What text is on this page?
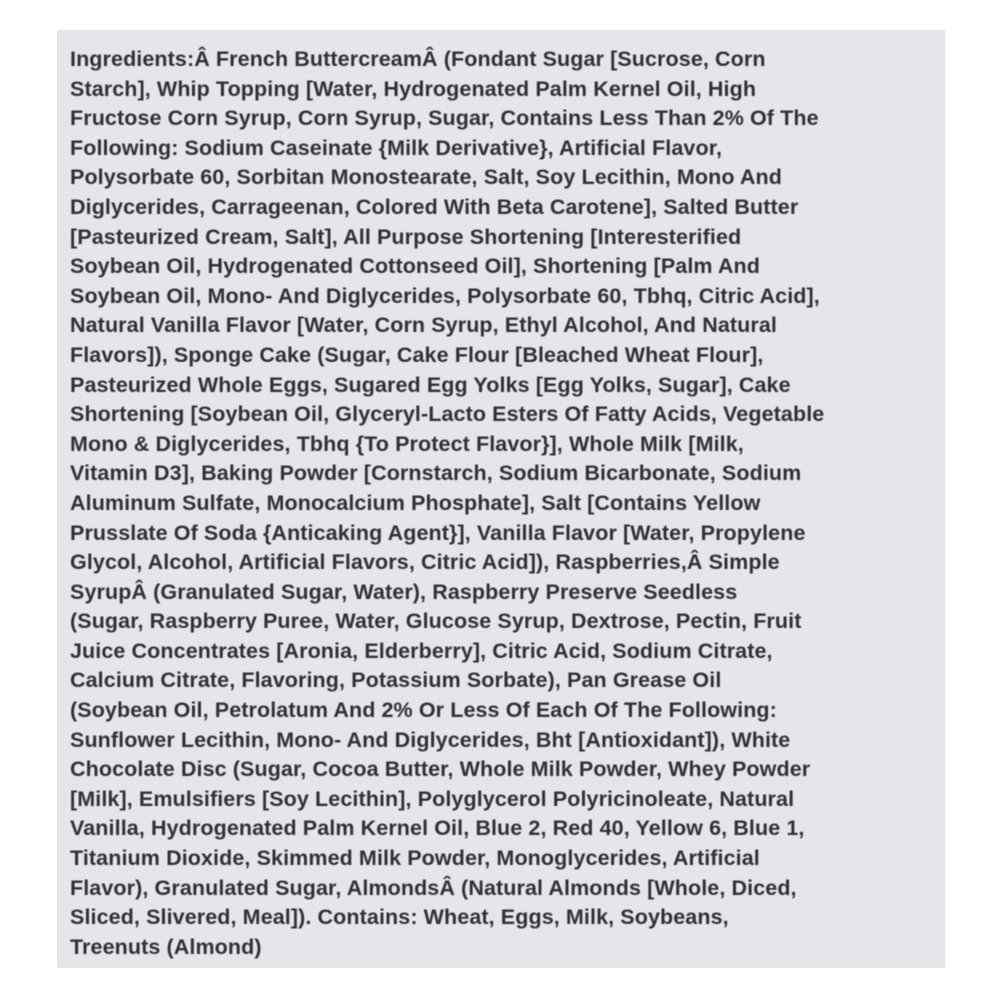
Ingredients:Â French ButtercreamÂ (Fondant Sugar [Sucrose, Corn
Starch], Whip Topping [Water, Hydrogenated Palm Kernel Oil, High
Fructose Corn Syrup, Corn Syrup, Sugar, Contains Less Than 2% Of The
Following: Sodium Caseinate {Milk Derivative}, Artificial Flavor,
Polysorbate 60, Sorbitan Monostearate, Salt, Soy Lecithin, Mono And
Diglycerides, Carrageenan, Colored With Beta Carotene], Salted Butter
[Pasteurized Cream, Salt], All Purpose Shortening [Interesterified
Soybean Oil, Hydrogenated Cottonseed Oil], Shortening [Palm And
Soybean Oil, Mono- And Diglycerides, Polysorbate 60, Tbhq, Citric Acid],
Natural Vanilla Flavor [Water, Corn Syrup, Ethyl Alcohol, And Natural
Flavors]), Sponge Cake (Sugar, Cake Flour [Bleached Wheat Flour],
Pasteurized Whole Eggs, Sugared Egg Yolks [Egg Yolks, Sugar], Cake
Shortening [Soybean Oil, Glyceryl-Lacto Esters Of Fatty Acids, Vegetable
Mono & Diglycerides, Tbhq {To Protect Flavor}], Whole Milk [Milk,
Vitamin D3], Baking Powder [Cornstarch, Sodium Bicarbonate, Sodium
Aluminum Sulfate, Monocalcium Phosphate], Salt [Contains Yellow
Prusslate Of Soda {Anticaking Agent}], Vanilla Flavor [Water, Propylene
Glycol, Alcohol, Artificial Flavors, Citric Acid]), Raspberries,Â Simple
SyrupÂ (Granulated Sugar, Water), Raspberry Preserve Seedless
(Sugar, Raspberry Puree, Water, Glucose Syrup, Dextrose, Pectin, Fruit
Juice Concentrates [Aronia, Elderberry], Citric Acid, Sodium Citrate,
Calcium Citrate, Flavoring, Potassium Sorbate), Pan Grease Oil
(Soybean Oil, Petrolatum And 2% Or Less Of Each Of The Following:
Sunflower Lecithin, Mono- And Diglycerides, Bht [Antioxidant]), White
Chocolate Disc (Sugar, Cocoa Butter, Whole Milk Powder, Whey Powder
[Milk], Emulsifiers [Soy Lecithin], Polyglycerol Polyricinoleate, Natural
Vanilla, Hydrogenated Palm Kernel Oil, Blue 2, Red 40, Yellow 6, Blue 1,
Titanium Dioxide, Skimmed Milk Powder, Monoglycerides, Artificial
Flavor), Granulated Sugar, AlmondsÂ (Natural Almonds [Whole, Diced,
Sliced, Slivered, Meal]). Contains: Wheat, Eggs, Milk, Soybeans,
Treenuts (Almond)
